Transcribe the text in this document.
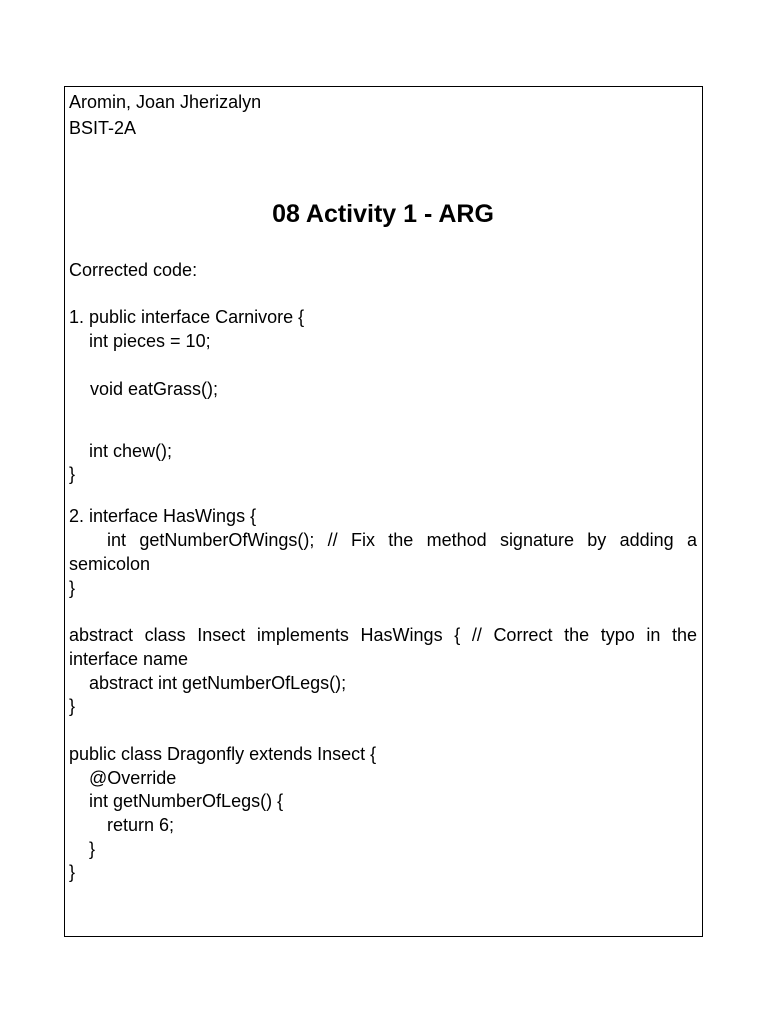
Aromin, Joan Jherizalyn
BSIT-2A
08 Activity 1 - ARG
Corrected code:
1. public interface Carnivore {
int pieces = 10;
void eatGrass();
int chew();
}
2. interface HasWings {
int getNumberOfWings(); // Fix the method signature by adding a
semicolon
}
abstract class Insect implements HasWings { // Correct the typo in the
interface name
abstract int getNumberOfLegs();
}
public class Dragonfly extends Insect {
@Override
int getNumberOfLegs() {
return 6;
}
}
